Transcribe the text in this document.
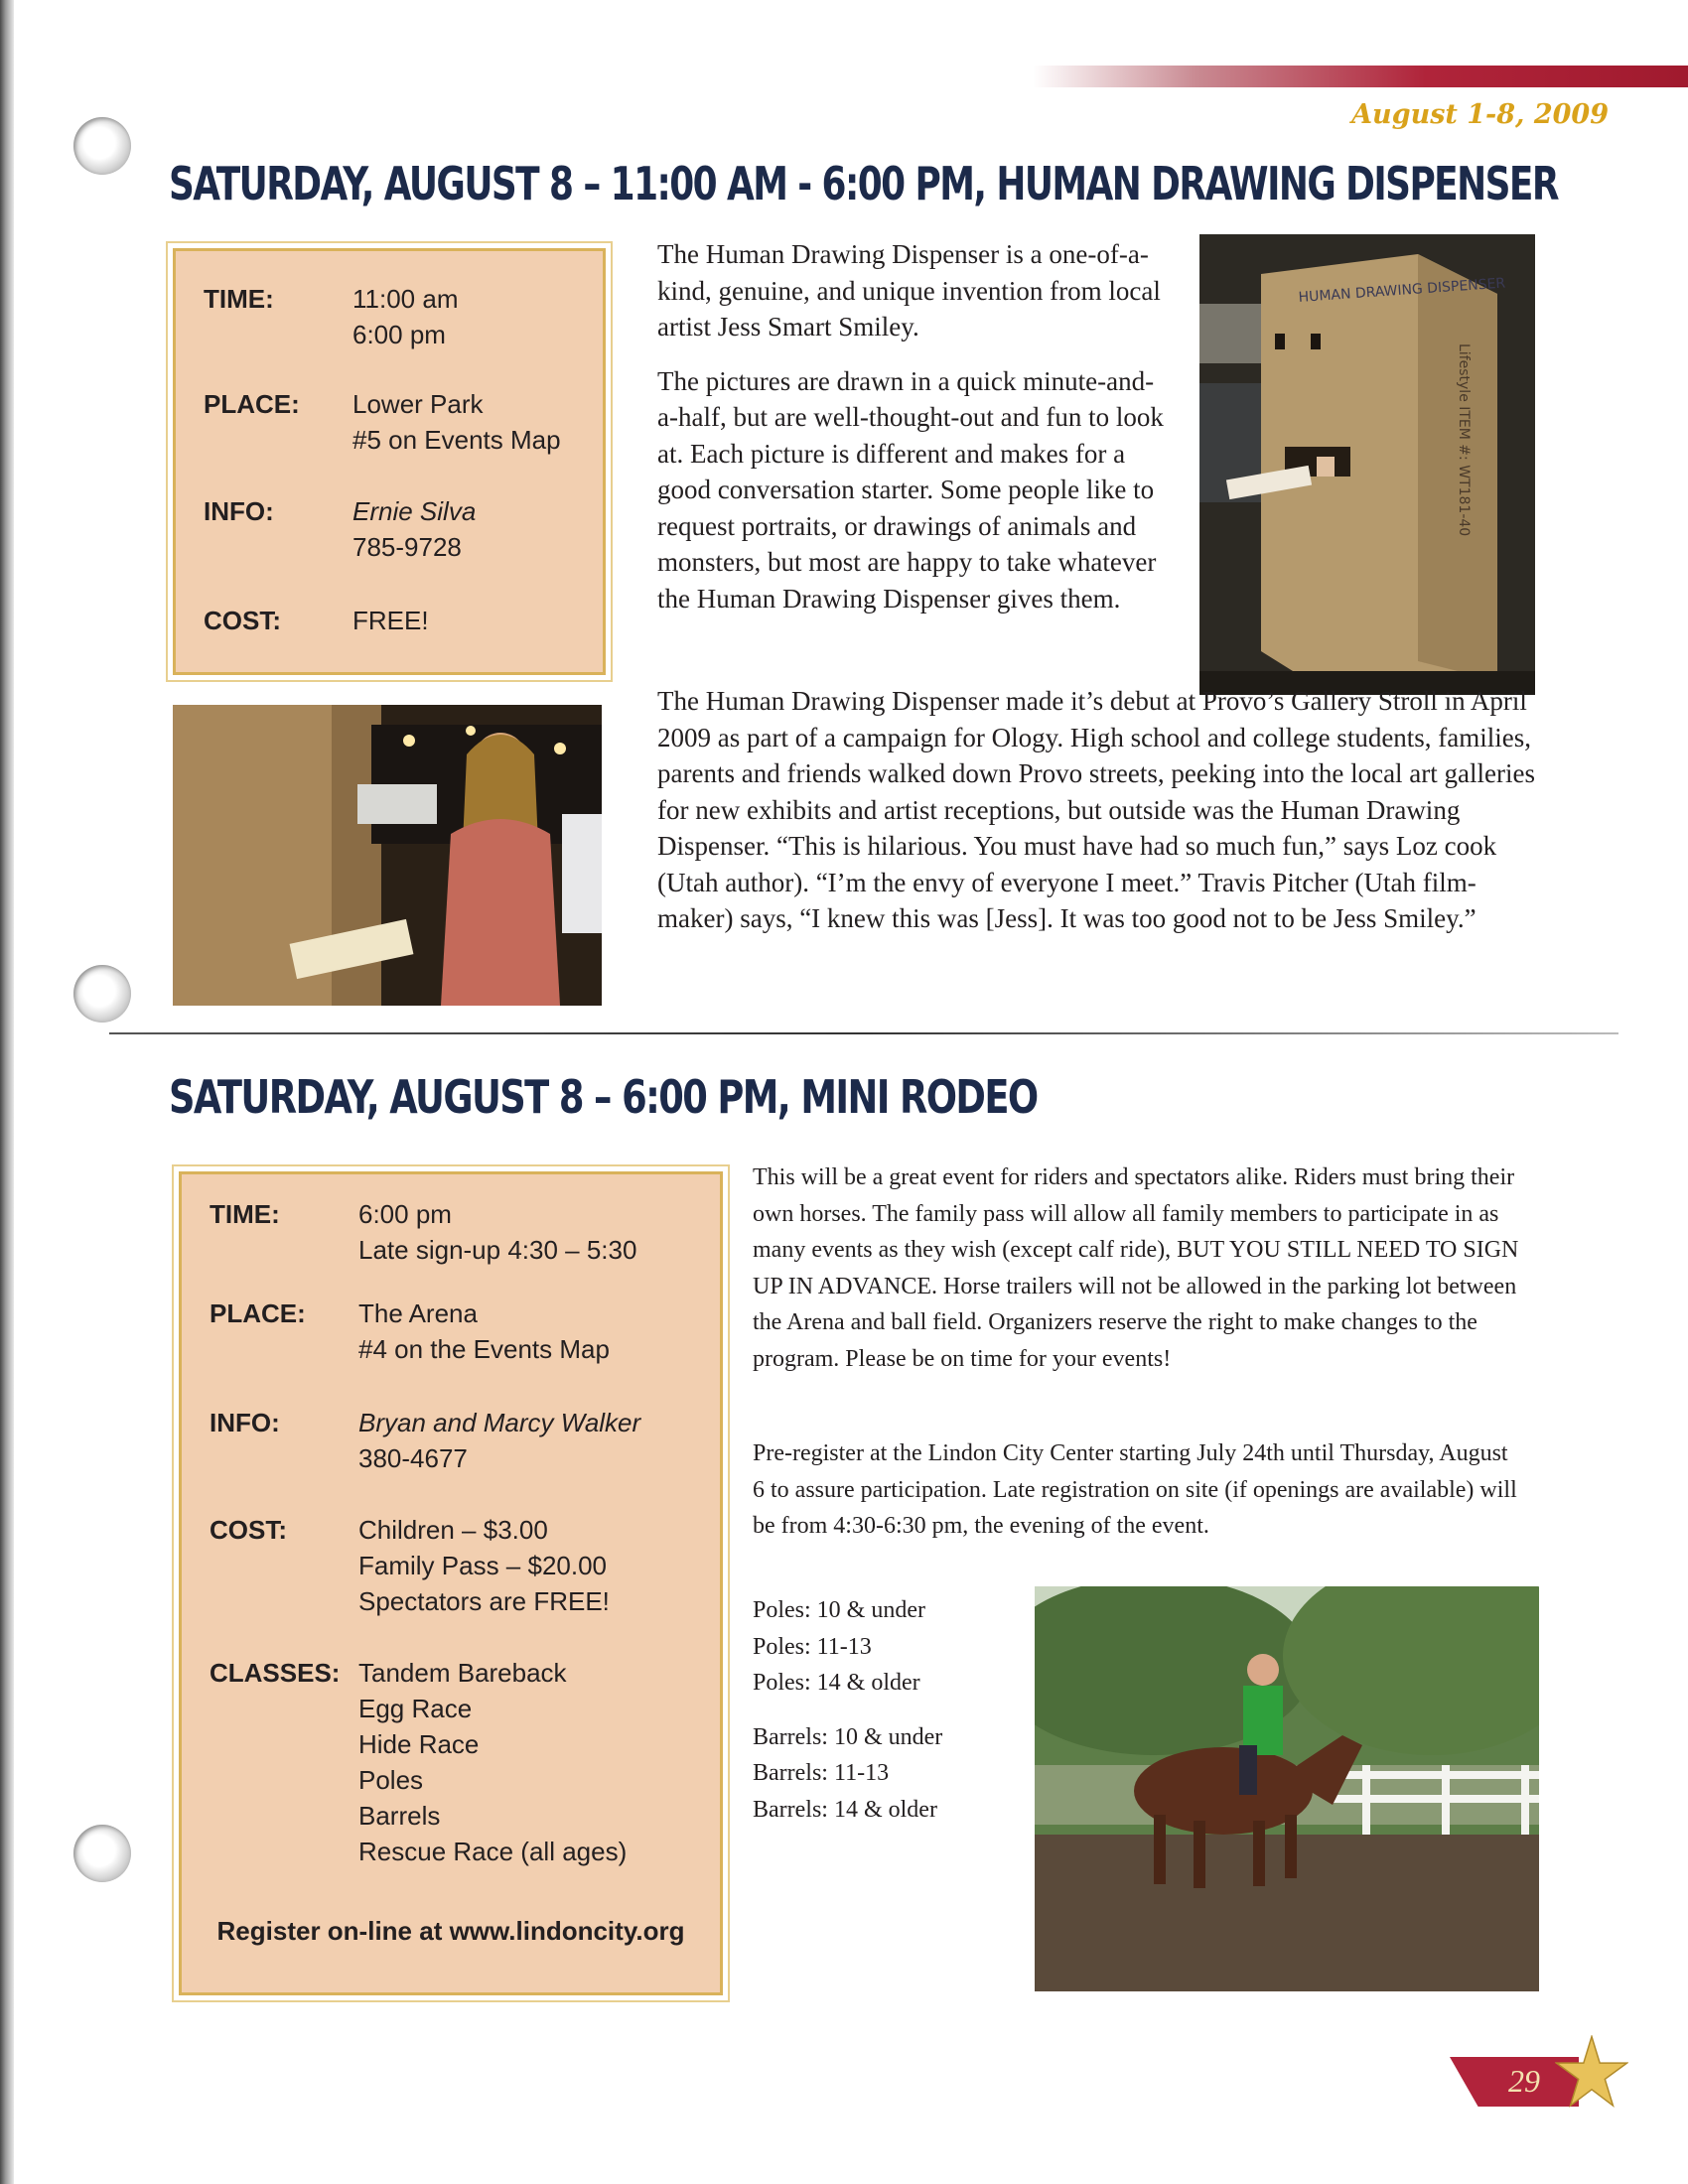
August 1-8, 2009
SATURDAY, AUGUST 8 – 11:00 AM - 6:00 PM, HUMAN DRAWING DISPENSER
TIME:	11:00 am
6:00 pm
PLACE: Lower Park
#5 on Events Map
INFO:	Ernie Silva
785-9728
COST:	FREE!
HUMAN DRAWING DISPENSER
Lifestyle ITEM #: WT181-40

The Human Drawing Dispenser is a one-of-a-kind, genuine, and unique invention from local artist Jess Smart Smiley.

The pictures are drawn in a quick minute-and-a-half, but are well-thought-out and fun to look at. Each picture is different and makes for a good conversation starter. Some people like to request portraits, or drawings of animals and monsters, but most are happy to take whatever the Human Drawing Dispenser gives them.

The Human Drawing Dispenser made it’s debut at Provo’s Gallery Stroll in April 2009 as part of a campaign for Ology. High school and college students, families, parents and friends walked down Provo streets, peeking into the local art galleries for new exhibits and artist receptions, but outside was the Human Drawing Dispenser. “This is hilarious. You must have had so much fun,” says Loz cook (Utah author). “I’m the envy of everyone I meet.” Travis Pitcher (Utah film-maker) says, “I knew this was [Jess]. It was too good not to be Jess Smiley.”
SATURDAY, AUGUST 8 – 6:00 PM, MINI RODEO
TIME:	6:00 pm
Late sign-up 4:30 – 5:30
PLACE: The Arena
#4 on the Events Map
INFO:	Bryan and Marcy Walker
380-4677
COST:	Children – $3.00
Family Pass – $20.00
Spectators are FREE!
CLASSES: Tandem Bareback
Egg Race
Hide Race
Poles
Barrels
Rescue Race (all ages)
Register on-line at www.lindoncity.org
This will be a great event for riders and spectators alike. Riders must bring their own horses. The family pass will allow all family members to participate in as many events as they wish (except calf ride), BUT YOU STILL NEED TO SIGN UP IN ADVANCE. Horse trailers will not be allowed in the parking lot between the Arena and ball field. Organizers reserve the right to make changes to the program. Please be on time for your events!
Pre-register at the Lindon City Center starting July 24th until Thursday, August 6 to assure participation. Late registration on site (if openings are available) will be from 4:30-6:30 pm, the evening of the event.
Poles: 10 & under
Poles: 11-13
Poles: 14 & older
Barrels: 10 & under
Barrels: 11-13
Barrels: 14 & older
29
